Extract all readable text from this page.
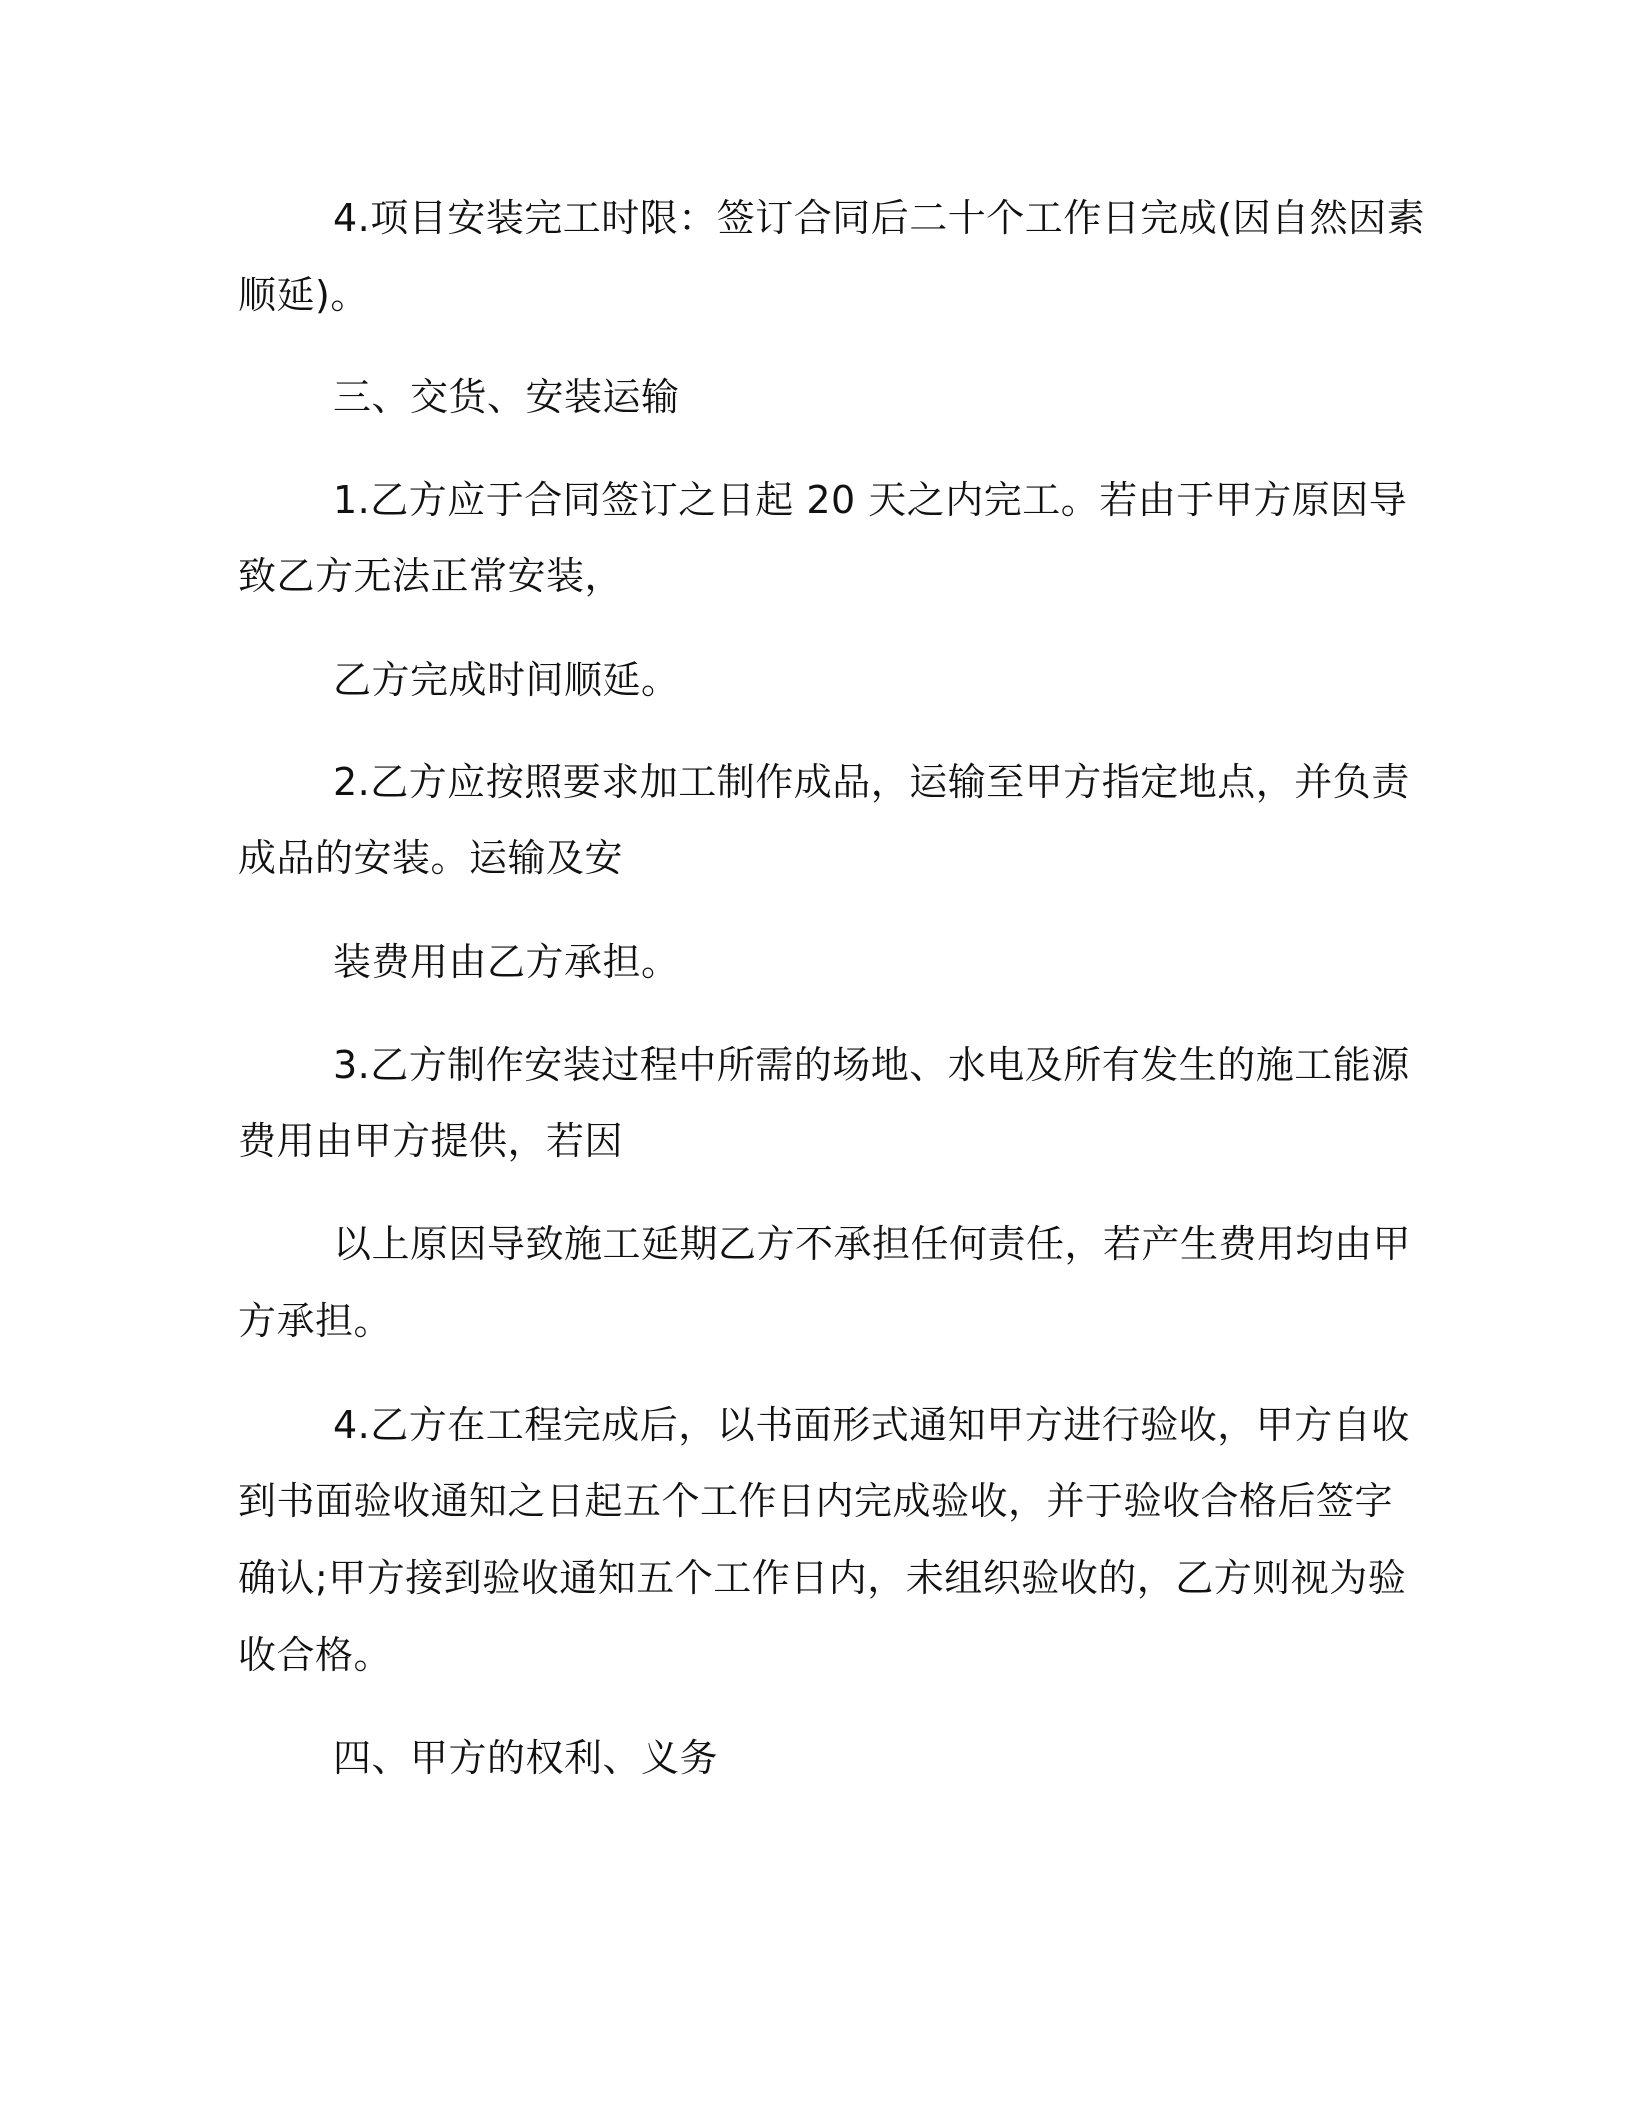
4.项目安装完工时限：签订合同后二十个工作日完成(因自然因素
顺延)。
三、交货、安装运输
1.乙方应于合同签订之日起 20 天之内完工。若由于甲方原因导
致乙方无法正常安装，
乙方完成时间顺延。
2.乙方应按照要求加工制作成品，运输至甲方指定地点，并负责
成品的安装。运输及安
装费用由乙方承担。
3.乙方制作安装过程中所需的场地、水电及所有发生的施工能源
费用由甲方提供，若因
以上原因导致施工延期乙方不承担任何责任，若产生费用均由甲
方承担。
4.乙方在工程完成后，以书面形式通知甲方进行验收，甲方自收
到书面验收通知之日起五个工作日内完成验收，并于验收合格后签字
确认;甲方接到验收通知五个工作日内，未组织验收的，乙方则视为验
收合格。
四、甲方的权利、义务
